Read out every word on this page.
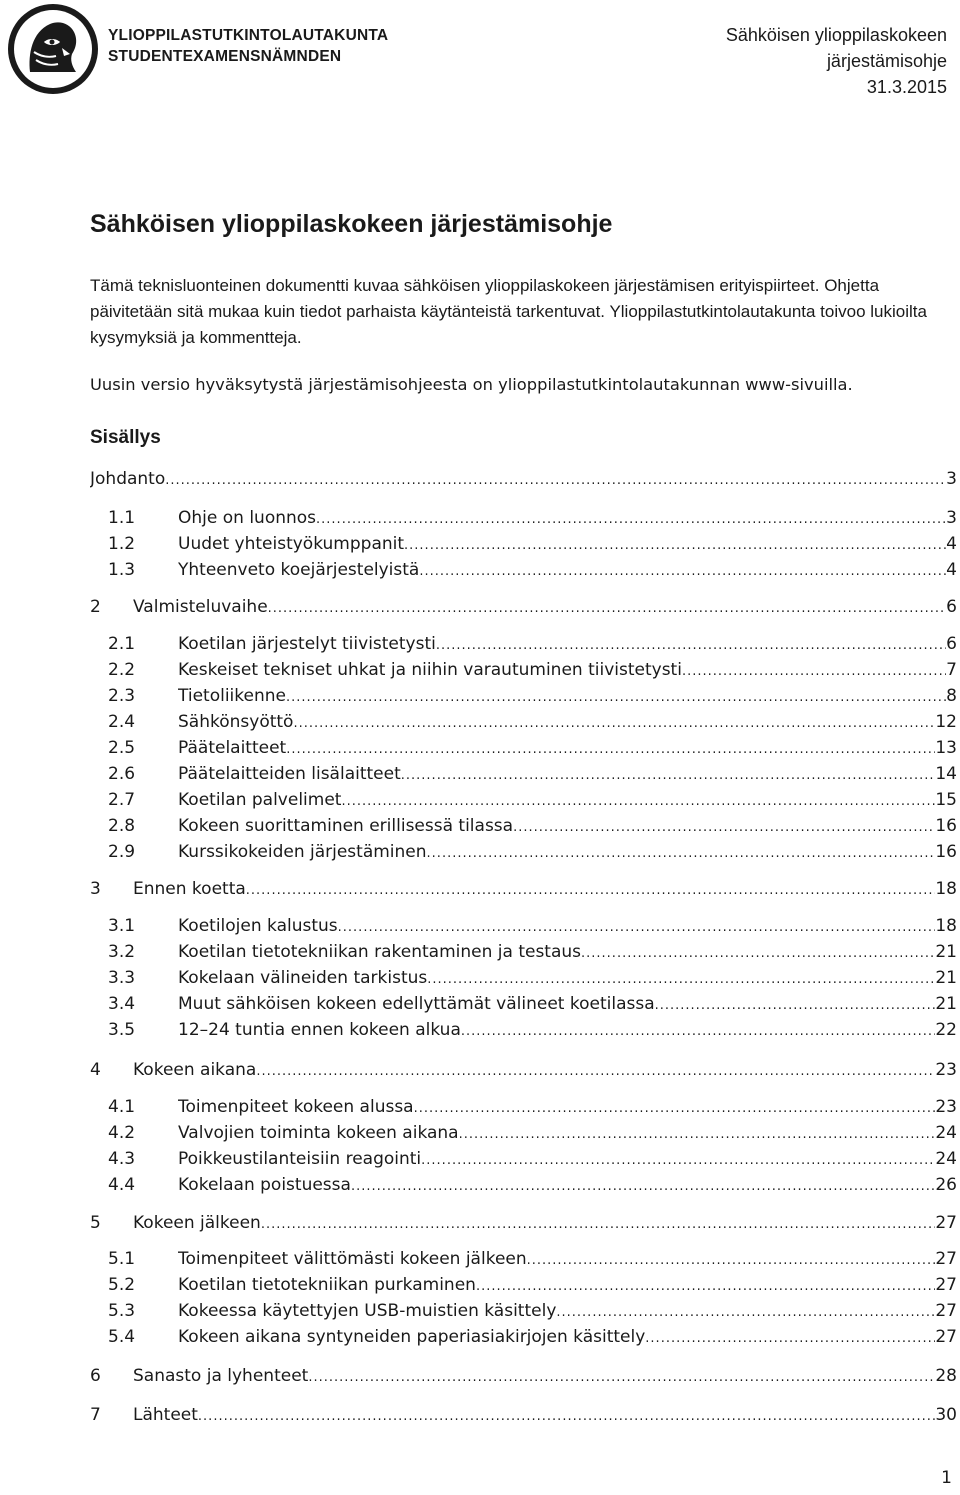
YLIOPPILASTUTKINTOLAUTAKUNTA
STUDENTEXAMENSNÄMNDEN
Sähköisen ylioppilaskokeen
järjestämisohje
31.3.2015
Sähköisen ylioppilaskokeen järjestämisohje

Tämä teknisluonteinen dokumentti kuvaa sähköisen ylioppilaskokeen järjestämisen erityispiirteet. Ohjetta päivitetään sitä mukaa kuin tiedot parhaista käytänteistä tarkentuvat. Ylioppilastutkintolautakunta toivoo lukioilta kysymyksiä ja kommentteja.

Uusin versio hyväksytystä järjestämisohjeesta on ylioppilastutkintolautakunnan www-sivuilla.

Sisällys
Johdanto .....	3
1.1	Ohje on luonnos .....	3
1.2	Uudet yhteistyökumppanit .....	4
1.3	Yhteenveto koejärjestelyistä .....	4
2 Valmisteluvaihe .....	6
2.1	Koetilan järjestelyt tiivistetysti .....	6
2.2	Keskeiset tekniset uhkat ja niihin varautuminen tiivistetysti .....	7
2.3	Tietoliikenne .....	8
2.4	Sähkönsyöttö .....	12
2.5	Päätelaitteet .....	13
2.6	Päätelaitteiden lisälaitteet .....	14
2.7	Koetilan palvelimet .....	15
2.8	Kokeen suorittaminen erillisessä tilassa .....	16
2.9	Kurssikokeiden järjestäminen .....	16
3 Ennen koetta .....	18
3.1	Koetilojen kalustus .....	18
3.2	Koetilan tietotekniikan rakentaminen ja testaus .....	21
3.3	Kokelaan välineiden tarkistus .....	21
3.4	Muut sähköisen kokeen edellyttämät välineet koetilassa .....	21
3.5	12–24 tuntia ennen kokeen alkua .....	22
4 Kokeen aikana .....	23
4.1	Toimenpiteet kokeen alussa .....	23
4.2	Valvojien toiminta kokeen aikana .....	24
4.3	Poikkeustilanteisiin reagointi .....	24
4.4	Kokelaan poistuessa .....	26
5 Kokeen jälkeen .....	27
5.1	Toimenpiteet välittömästi kokeen jälkeen .....	27
5.2	Koetilan tietotekniikan purkaminen .....	27
5.3	Kokeessa käytettyjen USB-muistien käsittely .....	27
5.4	Kokeen aikana syntyneiden paperiasiakirjojen käsittely .....	27
6 Sanasto ja lyhenteet .....	28
7 Lähteet .....	30
1
